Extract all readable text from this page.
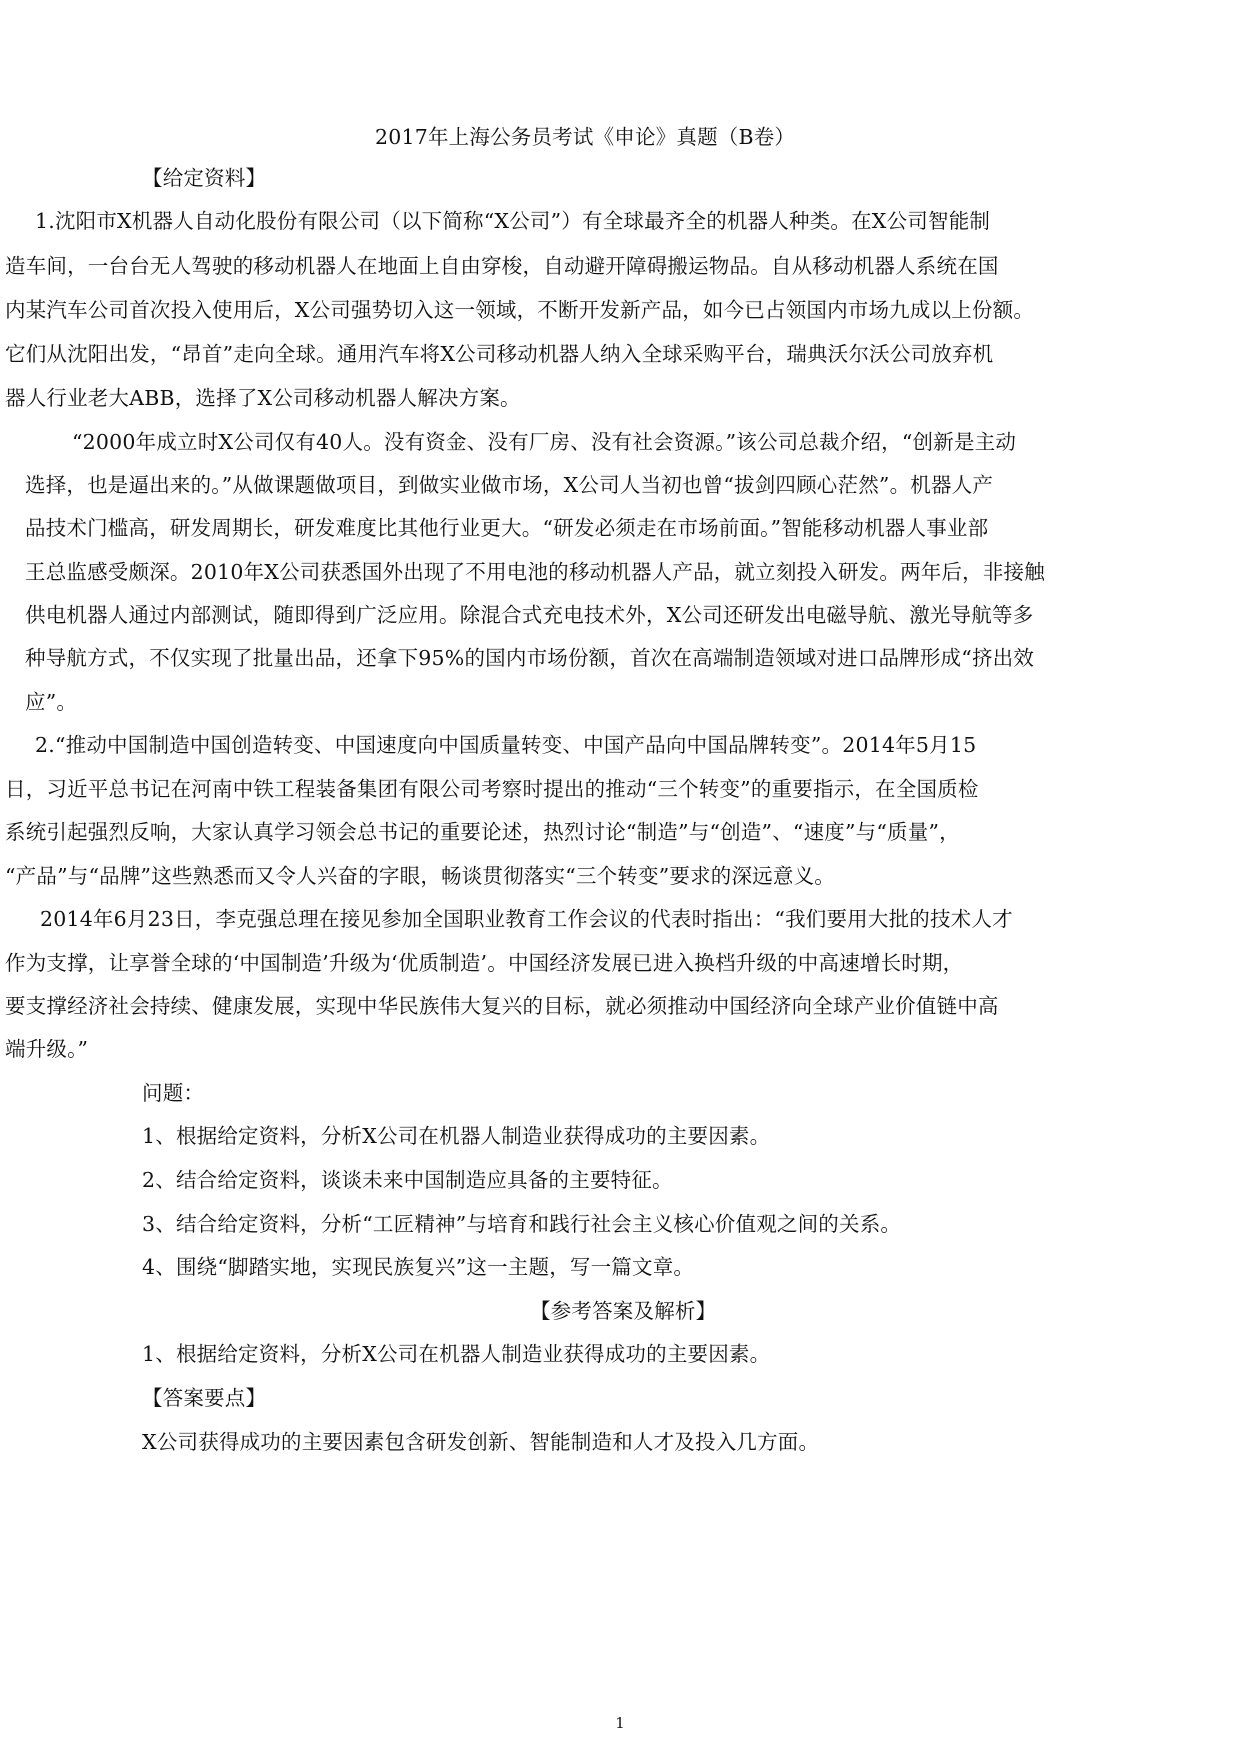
2017年上海公务员考试《申论》真题（B卷）
【给定资料】
1.沈阳市X机器人自动化股份有限公司（以下简称“X公司”）有全球最齐全的机器人种类。在X公司智能制
造车间，一台台无人驾驶的移动机器人在地面上自由穿梭，自动避开障碍搬运物品。自从移动机器人系统在国
内某汽车公司首次投入使用后，X公司强势切入这一领域，不断开发新产品，如今已占领国内市场九成以上份额。
它们从沈阳出发，“昂首”走向全球。通用汽车将X公司移动机器人纳入全球采购平台，瑞典沃尔沃公司放弃机
器人行业老大ABB，选择了X公司移动机器人解决方案。
“2000年成立时X公司仅有40人。没有资金、没有厂房、没有社会资源。”该公司总裁介绍，“创新是主动
选择，也是逼出来的。”从做课题做项目，到做实业做市场，X公司人当初也曾“拔剑四顾心茫然”。机器人产
品技术门槛高，研发周期长，研发难度比其他行业更大。“研发必须走在市场前面。”智能移动机器人事业部
王总监感受颇深。2010年X公司获悉国外出现了不用电池的移动机器人产品，就立刻投入研发。两年后，非接触
供电机器人通过内部测试，随即得到广泛应用。除混合式充电技术外，X公司还研发出电磁导航、激光导航等多
种导航方式，不仅实现了批量出品，还拿下95%的国内市场份额，首次在高端制造领域对进口品牌形成“挤出效
应”。
2.“推动中国制造中国创造转变、中国速度向中国质量转变、中国产品向中国品牌转变”。2014年5月15
日，习近平总书记在河南中铁工程装备集团有限公司考察时提出的推动“三个转变”的重要指示，在全国质检
系统引起强烈反响，大家认真学习领会总书记的重要论述，热烈讨论“制造”与“创造”、“速度”与“质量”，
“产品”与“品牌”这些熟悉而又令人兴奋的字眼，畅谈贯彻落实“三个转变”要求的深远意义。
2014年6月23日，李克强总理在接见参加全国职业教育工作会议的代表时指出：“我们要用大批的技术人才
作为支撑，让享誉全球的‘中国制造’升级为‘优质制造’。中国经济发展已进入换档升级的中高速增长时期，
要支撑经济社会持续、健康发展，实现中华民族伟大复兴的目标，就必须推动中国经济向全球产业价值链中高
端升级。”
问题：
1、根据给定资料，分析X公司在机器人制造业获得成功的主要因素。
2、结合给定资料，谈谈未来中国制造应具备的主要特征。
3、结合给定资料，分析“工匠精神”与培育和践行社会主义核心价值观之间的关系。
4、围绕“脚踏实地，实现民族复兴”这一主题，写一篇文章。
【参考答案及解析】
1、根据给定资料，分析X公司在机器人制造业获得成功的主要因素。
【答案要点】
X公司获得成功的主要因素包含研发创新、智能制造和人才及投入几方面。
1
